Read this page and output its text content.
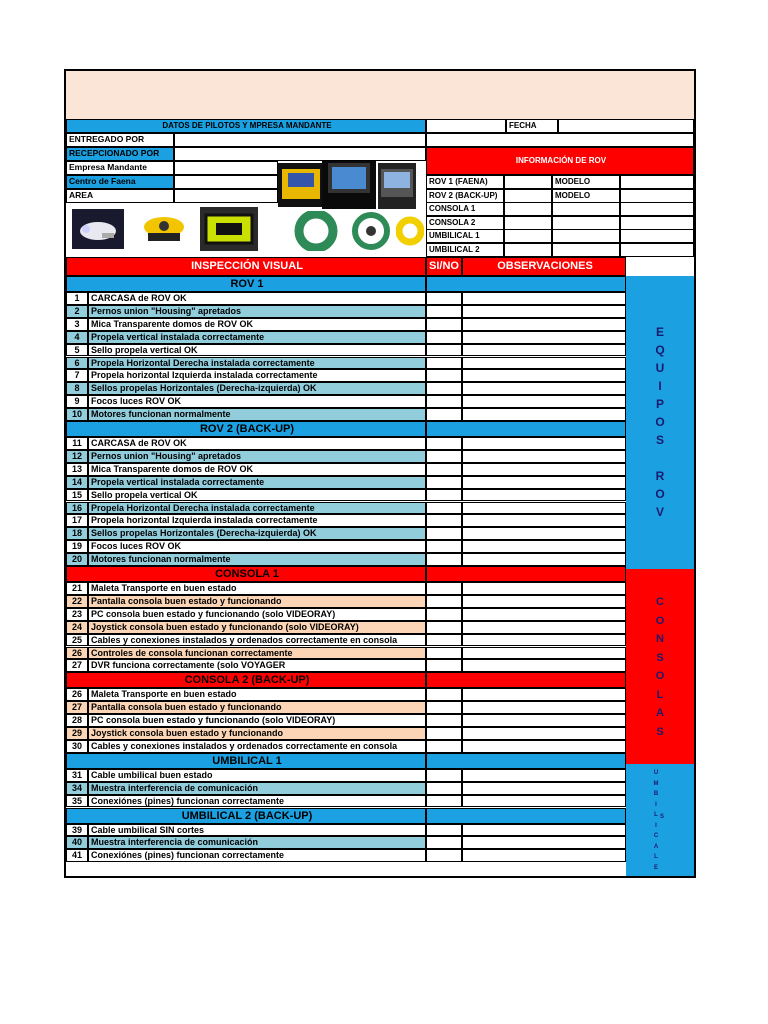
DATOS DE PILOTOS Y MPRESA MANDANTE	FECHA
INFORMACIÓN DE ROV
INSPECCIÓN VISUAL	SI/NO	OBSERVACIONES
E
Q
U
I
P
O
S
R
O
V
C
O
N
S
O
L
A
S
U
M
B
I
L
I
C
A
L
E
S
ENTREGADO POR
RECEPCIONADO POR
Empresa Mandante
Centro de Faena
AREA
ROV 1 (FAENA)	MODELO
ROV 2 (BACK-UP)	MODELO
CONSOLA 1
CONSOLA 2
UMBILICAL 1
UMBILICAL 2
ROV 1
1	CARCASA de ROV OK
2	Pernos union "Housing" apretados
3	Mica Transparente domos de ROV OK
4	Propela vertical instalada correctamente
5	Sello propela vertical OK
6	Propela Horizontal Derecha instalada correctamente
7	Propela horizontal Izquierda instalada correctamente
8	Sellos propelas Horizontales (Derecha-izquierda) OK
9	Focos luces ROV OK
10	Motores funcionan normalmente
ROV 2 (BACK-UP)
11	CARCASA de ROV OK
12	Pernos union "Housing" apretados
13	Mica Transparente domos de ROV OK
14	Propela vertical instalada correctamente
15	Sello propela vertical OK
16	Propela Horizontal Derecha instalada correctamente
17	Propela horizontal Izquierda instalada correctamente
18	Sellos propelas Horizontales (Derecha-izquierda) OK
19	Focos luces ROV OK
20	Motores funcionan normalmente
CONSOLA 1
21	Maleta Transporte en buen estado
22	Pantalla consola buen estado y funcionando
23	PC consola buen estado y funcionando (solo VIDEORAY)
24	Joystick consola buen estado y funcionando (solo VIDEORAY)
25	Cables y conexiones instalados y ordenados correctamente en consola
26	Controles de consola funcionan correctamente
27	DVR funciona correctamente (solo VOYAGER
CONSOLA 2 (BACK-UP)
26	Maleta Transporte en buen estado
27	Pantalla consola buen estado y funcionando
28	PC consola buen estado y funcionando (solo VIDEORAY)
29	Joystick consola buen estado y funcionando
30	Cables y conexiones instalados y ordenados correctamente en consola
UMBILICAL 1
31	Cable umbilical buen estado
34	Muestra interferencia de comunicación
35	Conexiónes (pines) funcionan correctamente
UMBILICAL 2 (BACK-UP)
39	Cable umbilical SIN cortes
40	Muestra interferencia de comunicación
41	Conexiónes (pines) funcionan correctamente
